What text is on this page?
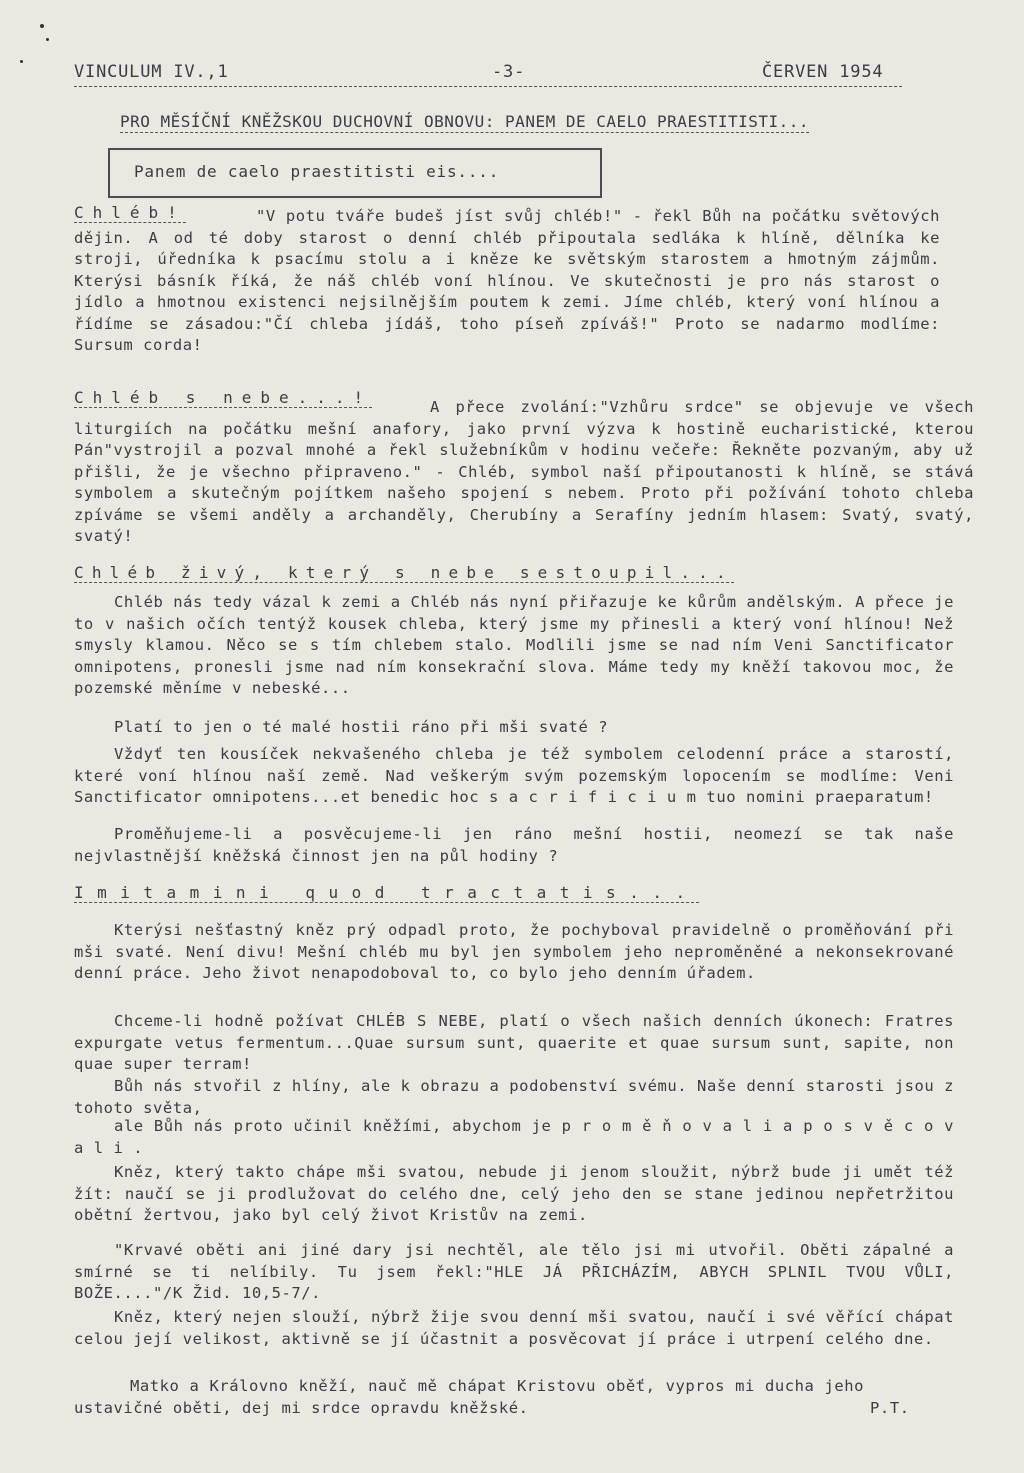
VINCULUM IV.,1	-3-	ČERVEN 1954
PRO MĚSÍČNÍ KNĚŽSKOU DUCHOVNÍ OBNOVU: PANEM DE CAELO PRAESTITISTI...
Panem de caelo praestitisti eis....
Chléb!	"V potu tváře budeš jíst svůj chléb!" - řekl Bůh na počátku světových dějin. A od té doby starost o denní chléb připoutala sedláka k hlíně, dělníka ke stroji, úředníka k psacímu stolu a i kněze ke světským starostem a hmotným zájmům. Kterýsi básník říká, že náš chléb voní hlínou. Ve skutečnosti je pro nás starost o jídlo a hmotnou existenci nejsilnějším poutem k zemi. Jíme chléb, který voní hlínou a řídíme se zásadou:"Čí chleba jídáš, toho píseň zpíváš!" Proto se nadarmo modlíme: Sursum corda!
Chléb s nebe...!	A přece zvolání:"Vzhůru srdce" se objevuje ve všech liturgiích na počátku mešní anafory, jako první výzva k hostině eucharistické, kterou Pán"vystrojil a pozval mnohé a řekl služebníkům v hodinu večeře: Řekněte pozvaným, aby už přišli, že je všechno připraveno." - Chléb, symbol naší připoutanosti k hlíně, se stává symbolem a skutečným pojítkem našeho spojení s nebem. Proto při požívání tohoto chleba zpíváme se všemi anděly a archanděly, Cherubíny a Serafíny jedním hlasem: Svatý, svatý, svatý!
Chléb živý, který s nebe sestoupil...
Chléb nás tedy vázal k zemi a Chléb nás nyní přiřazuje ke kůrům andělským. A přece je to v našich očích tentýž kousek chleba, který jsme my přinesli a který voní hlínou! Než smysly klamou. Něco se s tím chlebem stalo. Modlili jsme se nad ním Veni Sanctificator omnipotens, pronesli jsme nad ním konsekrační slova. Máme tedy my kněží takovou moc, že pozemské měníme v nebeské...
Platí to jen o té malé hostii ráno při mši svaté ?
Vždyť ten kousíček nekvašeného chleba je též symbolem celodenní práce a starostí, které voní hlínou naší země. Nad veškerým svým pozemským lopocením se modlíme: Veni Sanctificator omnipotens...et benedic hoc s a c r i f i c i u m tuo nomini praeparatum!
Proměňujeme-li a posvěcujeme-li jen ráno mešní hostii, neomezí se tak naše nejvlastnější kněžská činnost jen na půl hodiny ?
Imitamini quod tractatis...
Kterýsi nešťastný kněz prý odpadl proto, že pochyboval pravidelně o proměňování při mši svaté. Není divu! Mešní chléb mu byl jen symbolem jeho neproměněné a nekonsekrované denní práce. Jeho život nenapodoboval to, co bylo jeho denním úřadem.
Chceme-li hodně požívat CHLÉB S NEBE, platí o všech našich denních úkonech: Fratres expurgate vetus fermentum...Quae sursum sunt, quaerite et quae sursum sunt, sapite, non quae super terram!
Bůh nás stvořil z hlíny, ale k obrazu a podobenství svému. Naše denní starosti jsou z tohoto světa,
ale Bůh nás proto učinil kněžími, abychom je p r o m ě ň o v a l i a p o s v ě c o v a l i .
Kněz, který takto chápe mši svatou, nebude ji jenom sloužit, nýbrž bude ji umět též žít: naučí se ji prodlužovat do celého dne, celý jeho den se stane jedinou nepřetržitou obětní žertvou, jako byl celý život Kristův na zemi.
"Krvavé oběti ani jiné dary jsi nechtěl, ale tělo jsi mi utvořil. Oběti zápalné a smírné se ti nelíbily. Tu jsem řekl:"HLE JÁ PŘICHÁZÍM, ABYCH SPLNIL TVOU VŮLI, BOŽE...."/K Žid. 10,5-7/.
Kněz, který nejen slouží, nýbrž žije svou denní mši svatou, naučí i své věřící chápat celou její velikost, aktivně se jí účastnit a posvěcovat jí práce i utrpení celého dne.
Matko a Královno kněží, nauč mě chápat Kristovu oběť, vypros mi ducha jeho ustavičné oběti, dej mi srdce opravdu kněžské.	P.T.
